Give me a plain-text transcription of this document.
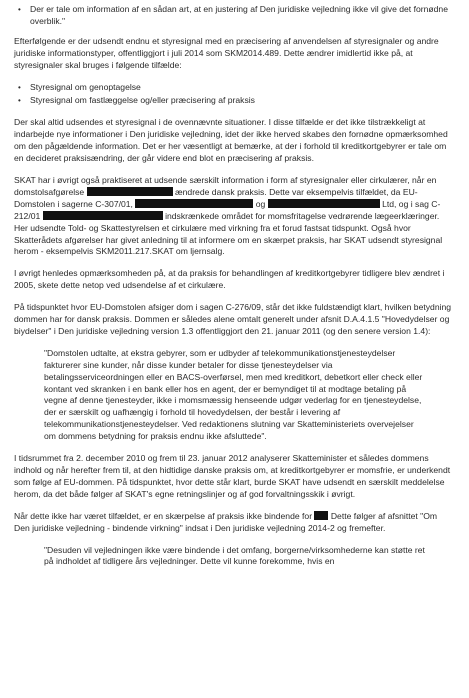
•	Der er tale om information af en sådan art, at en justering af Den juridiske vejledning ikke vil give det fornødne overblik."

Efterfølgende er der udsendt endnu et styresignal med en præcisering af anvendelsen af styresignaler og andre juridiske informationstyper, offentliggjort i juli 2014 som SKM2014.489. Dette ændrer imidlertid ikke på, at styresignaler skal bruges i følgende tilfælde:

•	Styresignal om genoptagelse
•	Styresignal om fastlæggelse og/eller præcisering af praksis

Der skal altid udsendes et styresignal i de ovennævnte situationer. I disse tilfælde er det ikke tilstrækkeligt at indarbejde nye informationer i Den juridiske vejledning, idet der ikke herved skabes den fornødne opmærksomhed om den pågældende information. Det er her væsentligt at bemærke, at der i forhold til kreditkortgebyrer er tale om en decideret praksisændring, der går videre end blot en præcisering af praksis.

SKAT har i øvrigt også praktiseret at udsende særskilt information i form af styresignaler eller cirkulærer, når en domstolsafgørelse	ændrede dansk praksis. Dette var eksempelvis tilfældet, da EU-Domstolen i sagerne C-307/01,	og	Ltd, og i sag C-212/01	indskrænkede området for momsfritagelse vedrørende lægeerklæringer. Her udsendte Told- og Skattestyrelsen et cirkulære med virkning fra et forud fastsat tidspunkt. Også hvor Skatterådets afgørelser har givet anledning til at informere om en skærpet praksis, har SKAT udsendt styresignal herom - eksempelvis SKM2011.217.SKAT om ljernsalg.

I øvrigt henledes opmærksomheden på, at da praksis for behandlingen af kreditkortgebyrer tidligere blev ændret i 2005, skete dette netop ved udsendelse af et cirkulære.

På tidspunktet hvor EU-Domstolen afsiger dom i sagen C-276/09, står det ikke fuldstændigt klart, hvilken betydning dommen har for dansk praksis. Dommen er således alene omtalt generelt under afsnit D.A.4.1.5 "Hovedydelser og biydelser" i Den juridiske vejledning version 1.3 offentliggjort den 21. januar 2011 (og den senere version 1.4):

"Domstolen udtalte, at ekstra gebyrer, som er udbyder af telekommunikationstjenesteydelser fakturerer sine kunder, når disse kunder betaler for disse tjenesteydelser via betalingsserviceordningen eller en BACS-overførsel, men med kreditkort, debetkort eller check eller kontant ved skranken i en bank eller hos en agent, der er bemyndiget til at modtage betaling på vegne af denne tjenesteyder, ikke i momsmæssig henseende udgør vederlag for en tjenesteydelse, der er særskilt og uafhængig i forhold til hovedydelsen, der består i levering af telekommunikationstjenesteydelser. Ved redaktionens slutning var Skatteministeriets overvejelser om dommens betydning for praksis endnu ikke afsluttede".

I tidsrummet fra 2. december 2010 og frem til 23. januar 2012 analyserer Skatteminister et således dommens indhold og når herefter frem til, at den hidtidige danske praksis om, at kreditkortgebyrer er momsfrie, er underkendt som følge af EU-dommen. På tidspunktet, hvor dette står klart, burde SKAT have udsendt en særskilt meddelelse herom, da det både følger af SKAT's egne retningslinjer og af god forvaltningsskik i øvrigt.

Når dette ikke har været tilfældet, er en skærpelse af praksis ikke bindende for Dette følger af afsnittet "Om Den juridiske vejledning - bindende virkning" indsat i Den juridiske vejledning 2014-2 og fremefter.

"Desuden vil vejledningen ikke være bindende i det omfang, borgerne/virksomhederne kan støtte ret på indholdet af tidligere års vejledninger. Dette vil kunne forekomme, hvis en
